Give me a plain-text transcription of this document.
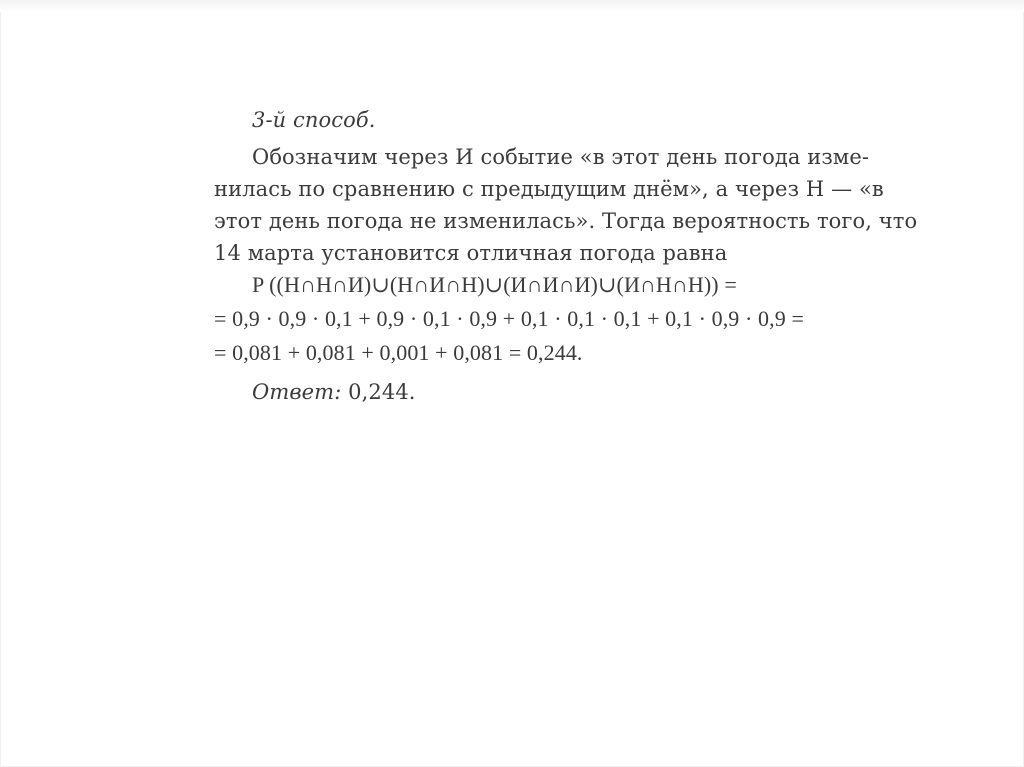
3-й способ.
Обозначим через И событие «в этот день погода изме-
нилась по сравнению с предыдущим днём», а через Н — «в
этот день погода не изменилась». Тогда вероятность того, что
14 марта установится отличная погода равна
P ((Н∩Н∩И)∪(Н∩И∩Н)∪(И∩И∩И)∪(И∩Н∩Н)) =
= 0,9 · 0,9 · 0,1 + 0,9 · 0,1 · 0,9 + 0,1 · 0,1 · 0,1 + 0,1 · 0,9 · 0,9 =
= 0,081 + 0,081 + 0,001 + 0,081 = 0,244.
Ответ: 0,244.
